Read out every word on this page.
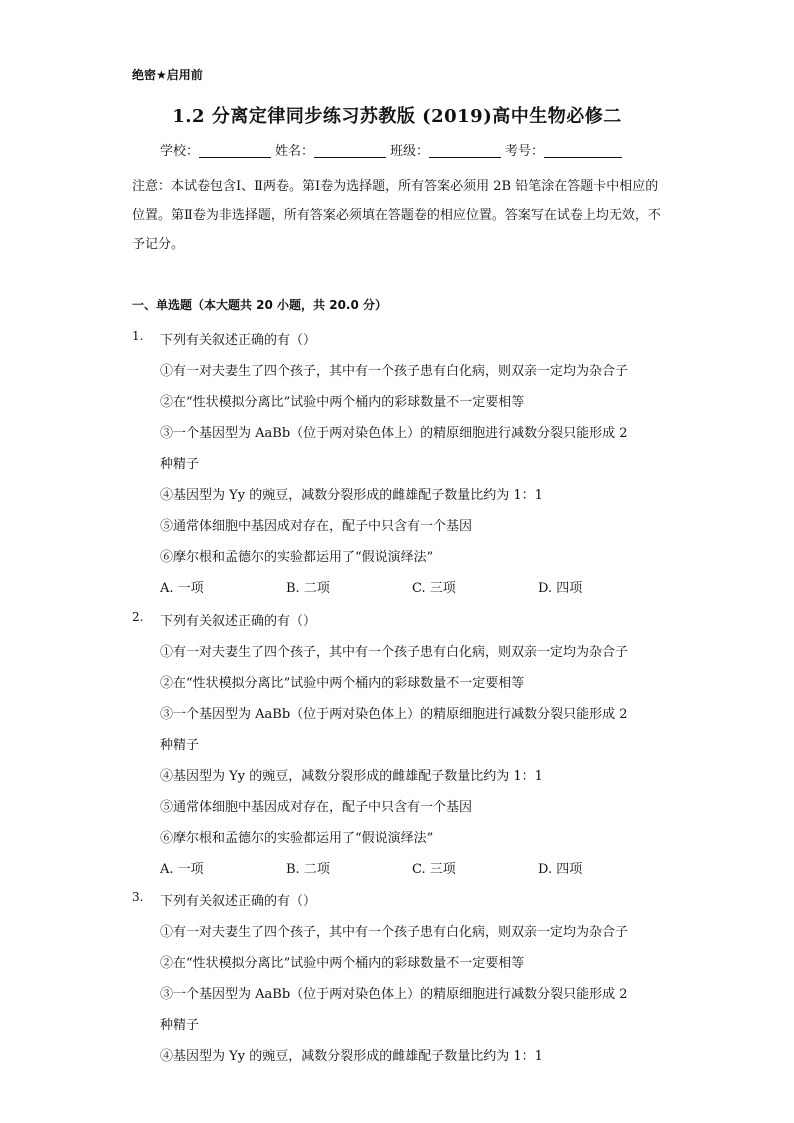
绝密★启用前
1.2 分离定律同步练习苏教版 (2019)高中生物必修二
学校：	姓名：	班级：	考号：
注意：本试卷包含Ⅰ、Ⅱ两卷。第Ⅰ卷为选择题，所有答案必须用 2B 铅笔涂在答题卡中相应的位置。第Ⅱ卷为非选择题，所有答案必须填在答题卷的相应位置。答案写在试卷上均无效，不予记分。
一、单选题（本大题共 20 小题，共 20.0 分）
1. 下列有关叙述正确的有（）
①有一对夫妻生了四个孩子，其中有一个孩子患有白化病，则双亲一定均为杂合子
②在“性状模拟分离比”试验中两个桶内的彩球数量不一定要相等
③一个基因型为 AaBb（位于两对染色体上）的精原细胞进行减数分裂只能形成 2
种精子
④基因型为 Yy 的豌豆，减数分裂形成的雌雄配子数量比约为 1：1
⑤通常体细胞中基因成对存在，配子中只含有一个基因
⑥摩尔根和孟德尔的实验都运用了“假说演绎法”
A. 一项	B. 二项	C. 三项	D. 四项
2. 下列有关叙述正确的有（）
①有一对夫妻生了四个孩子，其中有一个孩子患有白化病，则双亲一定均为杂合子
②在“性状模拟分离比”试验中两个桶内的彩球数量不一定要相等
③一个基因型为 AaBb（位于两对染色体上）的精原细胞进行减数分裂只能形成 2
种精子
④基因型为 Yy 的豌豆，减数分裂形成的雌雄配子数量比约为 1：1
⑤通常体细胞中基因成对存在，配子中只含有一个基因
⑥摩尔根和孟德尔的实验都运用了“假说演绎法”
A. 一项	B. 二项	C. 三项	D. 四项
3. 下列有关叙述正确的有（）
①有一对夫妻生了四个孩子，其中有一个孩子患有白化病，则双亲一定均为杂合子
②在“性状模拟分离比”试验中两个桶内的彩球数量不一定要相等
③一个基因型为 AaBb（位于两对染色体上）的精原细胞进行减数分裂只能形成 2
种精子
④基因型为 Yy 的豌豆，减数分裂形成的雌雄配子数量比约为 1：1
